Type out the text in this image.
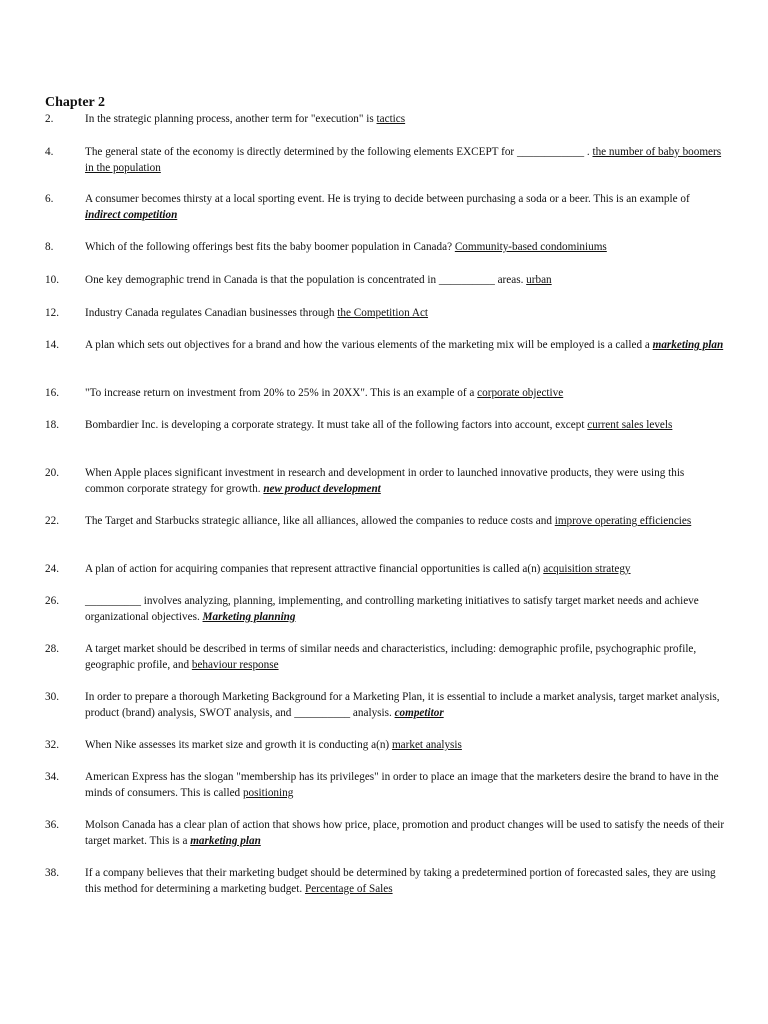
Chapter 2
2.	In the strategic planning process, another term for "execution" is tactics
4.	The general state of the economy is directly determined by the following elements EXCEPT for ____________ . the number of baby boomers in the population
6.	A consumer becomes thirsty at a local sporting event. He is trying to decide between purchasing a soda or a beer. This is an example of indirect competition
8.	Which of the following offerings best fits the baby boomer population in Canada? Community-based condominiums
10.	One key demographic trend in Canada is that the population is concentrated in __________ areas. urban
12.	Industry Canada regulates Canadian businesses through the Competition Act
14.	A plan which sets out objectives for a brand and how the various elements of the marketing mix will be employed is a called a marketing plan
16.	"To increase return on investment from 20% to 25% in 20XX". This is an example of a corporate objective
18.	Bombardier Inc. is developing a corporate strategy. It must take all of the following factors into account, except current sales levels
20.	When Apple places significant investment in research and development in order to launched innovative products, they were using this common corporate strategy for growth. new product development
22.	The Target and Starbucks strategic alliance, like all alliances, allowed the companies to reduce costs and improve operating efficiencies
24.	A plan of action for acquiring companies that represent attractive financial opportunities is called a(n) acquisition strategy
26.	__________ involves analyzing, planning, implementing, and controlling marketing initiatives to satisfy target market needs and achieve organizational objectives. Marketing planning
28.	A target market should be described in terms of similar needs and characteristics, including: demographic profile, psychographic profile, geographic profile, and behaviour response
30.	In order to prepare a thorough Marketing Background for a Marketing Plan, it is essential to include a market analysis, target market analysis, product (brand) analysis, SWOT analysis, and __________ analysis. competitor
32.	When Nike assesses its market size and growth it is conducting a(n) market analysis
34.	American Express has the slogan "membership has its privileges" in order to place an image that the marketers desire the brand to have in the minds of consumers. This is called positioning
36.	Molson Canada has a clear plan of action that shows how price, place, promotion and product changes will be used to satisfy the needs of their target market. This is a marketing plan
38.	If a company believes that their marketing budget should be determined by taking a predetermined portion of forecasted sales, they are using this method for determining a marketing budget. Percentage of Sales
